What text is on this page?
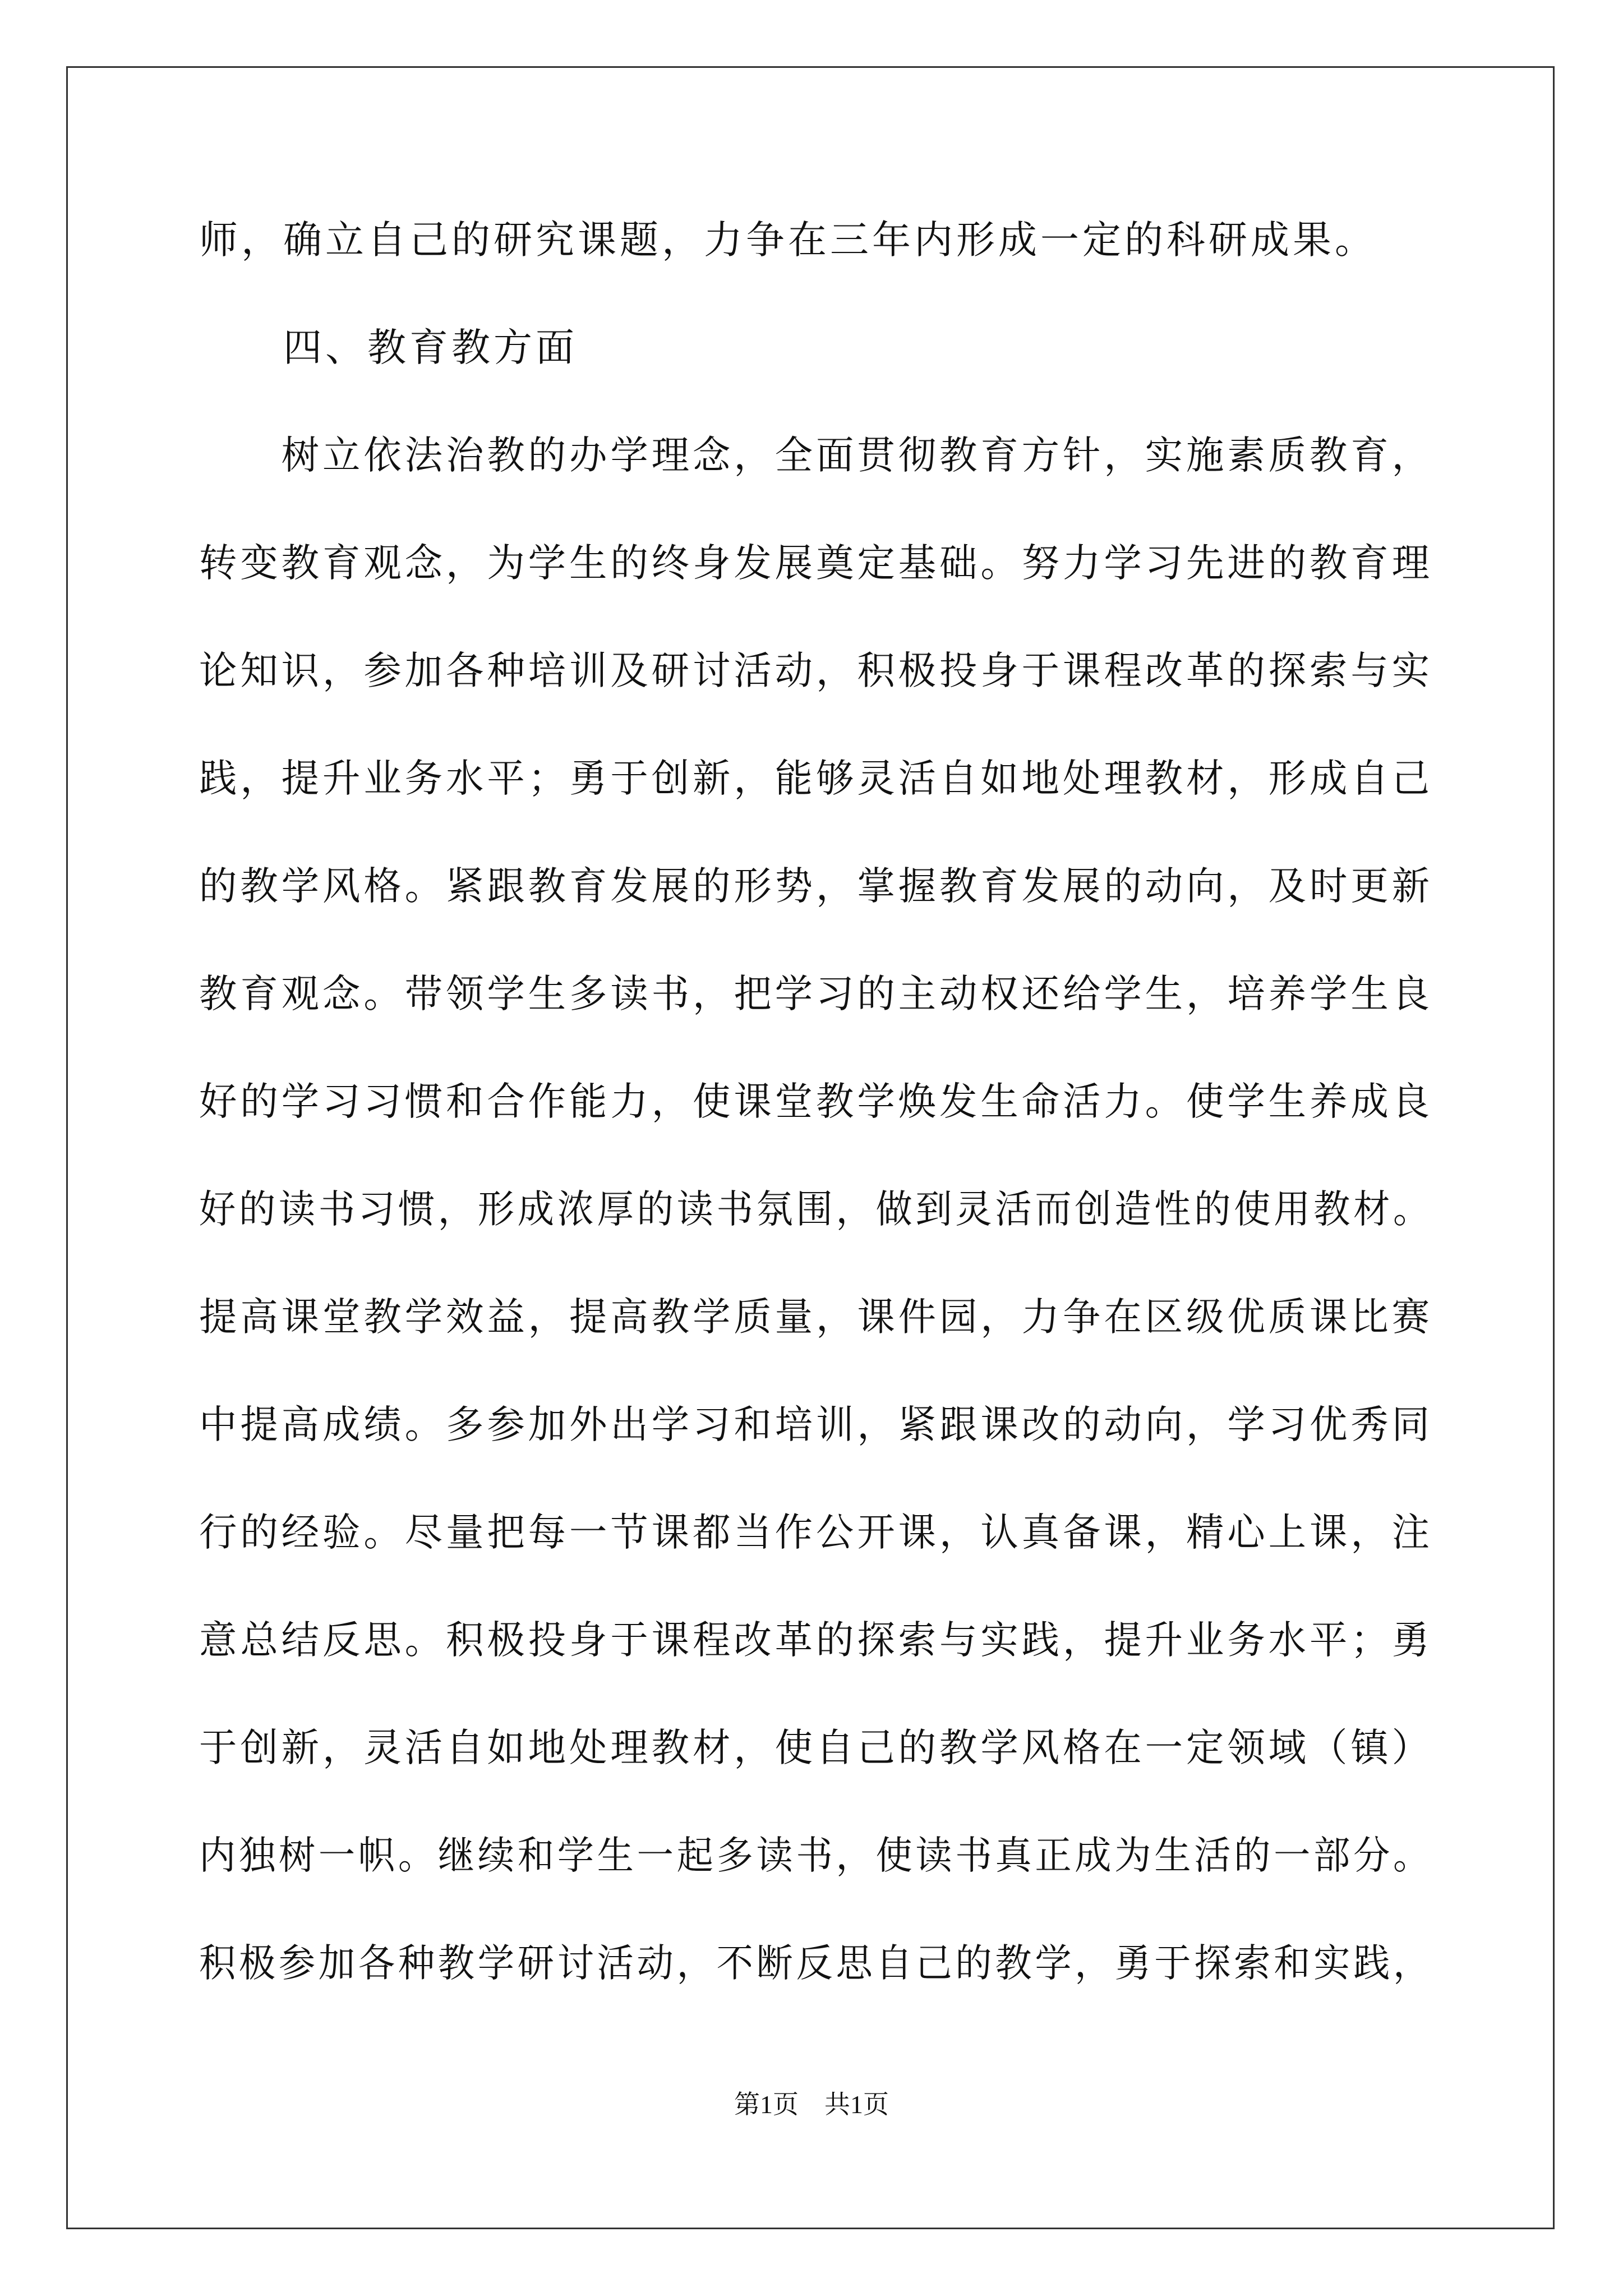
师，确立自己的研究课题，力争在三年内形成一定的科研成果。
　　四、教育教方面
　　树立依法治教的办学理念，全面贯彻教育方针，实施素质教育，
转变教育观念，为学生的终身发展奠定基础。努力学习先进的教育理
论知识，参加各种培训及研讨活动，积极投身于课程改革的探索与实
践，提升业务水平；勇于创新，能够灵活自如地处理教材，形成自己
的教学风格。紧跟教育发展的形势，掌握教育发展的动向，及时更新
教育观念。带领学生多读书，把学习的主动权还给学生，培养学生良
好的学习习惯和合作能力，使课堂教学焕发生命活力。使学生养成良
好的读书习惯，形成浓厚的读书氛围，做到灵活而创造性的使用教材。
提高课堂教学效益，提高教学质量，课件园，力争在区级优质课比赛
中提高成绩。多参加外出学习和培训，紧跟课改的动向，学习优秀同
行的经验。尽量把每一节课都当作公开课，认真备课，精心上课，注
意总结反思。积极投身于课程改革的探索与实践，提升业务水平；勇
于创新，灵活自如地处理教材，使自己的教学风格在一定领域（镇）
内独树一帜。继续和学生一起多读书，使读书真正成为生活的一部分。
积极参加各种教学研讨活动，不断反思自己的教学，勇于探索和实践，
第1页　共1页
